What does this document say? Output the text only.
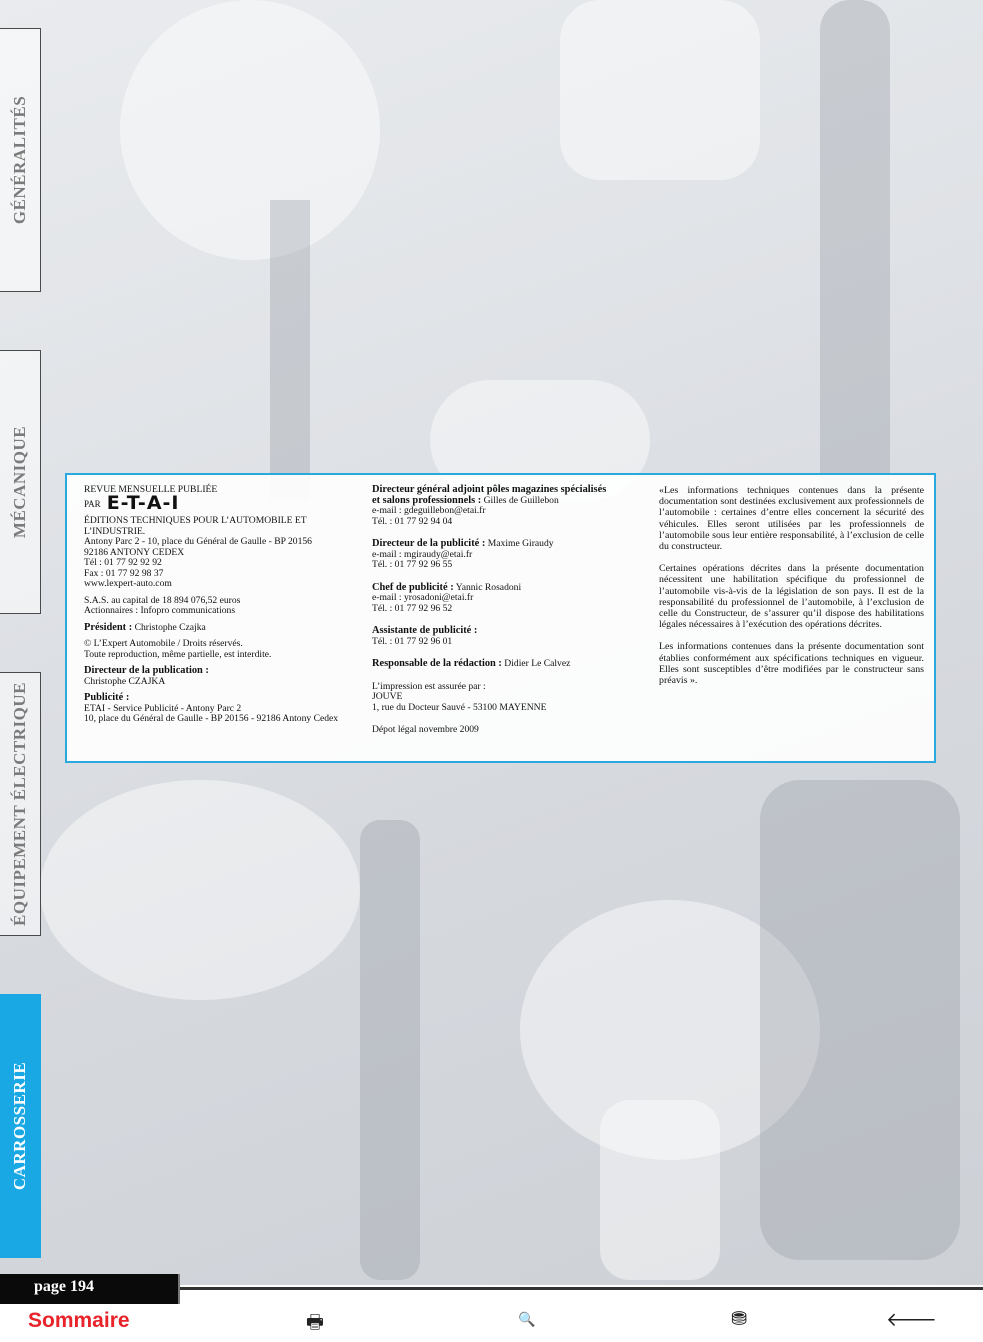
GÉNÉRALITÉS
MÉCANIQUE
ÉQUIPEMENT ÉLECTRIQUE
CARROSSERIE

REVUE MENSUELLE PUBLIÉE

PAR E-T-A-I

ÉDITIONS TECHNIQUES POUR L’AUTOMOBILE ET L’INDUSTRIE.
Antony Parc 2 - 10, place du Général de Gaulle - BP 20156
92186 ANTONY CEDEX
Tél : 01 77 92 92 92
Fax : 01 77 92 98 37
www.lexpert-auto.com

S.A.S. au capital de 18 894 076,52 euros
Actionnaires : Infopro communications

Président : Christophe Czajka

© L’Expert Automobile / Droits réservés.
Toute reproduction, même partielle, est interdite.

Directeur de la publication :
Christophe CZAJKA

Publicité :
ETAI - Service Publicité - Antony Parc 2
10, place du Général de Gaulle - BP 20156 - 92186 Antony Cedex

Directeur général adjoint pôles magazines spécialisés
et salons professionnels : Gilles de Guillebon
e-mail : gdeguillebon@etai.fr
Tél. : 01 77 92 94 04

Directeur de la publicité : Maxime Giraudy
e-mail : mgiraudy@etai.fr
Tél. : 01 77 92 96 55

Chef de publicité : Yannic Rosadoni
e-mail : yrosadoni@etai.fr
Tél. : 01 77 92 96 52

Assistante de publicité :
Tél. : 01 77 92 96 01

Responsable de la rédaction : Didier Le Calvez

L’impression est assurée par :
JOUVE
1, rue du Docteur Sauvé - 53100 MAYENNE

Dépot légal novembre 2009

«Les informations techniques contenues dans la présente documentation sont destinées exclusivement aux professionnels de l’automobile : certaines d’entre elles concernent la sécurité des véhicules. Elles seront utilisées par les professionnels de l’automobile sous leur entière responsabilité, à l’exclusion de celle du constructeur.

Certaines opérations décrites dans la présente documentation nécessitent une habilitation spécifique du professionnel de l’automobile vis-à-vis de la législation de son pays. Il est de la responsabilité du professionnel de l’automobile, à l’exclusion de celle du Constructeur, de s’assurer qu’il dispose des habilitations légales nécessaires à l’exécution des opérations décrites.

Les informations contenues dans la présente documentation sont établies conformément aux spécifications techniques en vigueur. Elles sont susceptibles d’être modifiées par le constructeur sans préavis ».

page 194
Sommaire	🖶	🔍	⛃	🡐
